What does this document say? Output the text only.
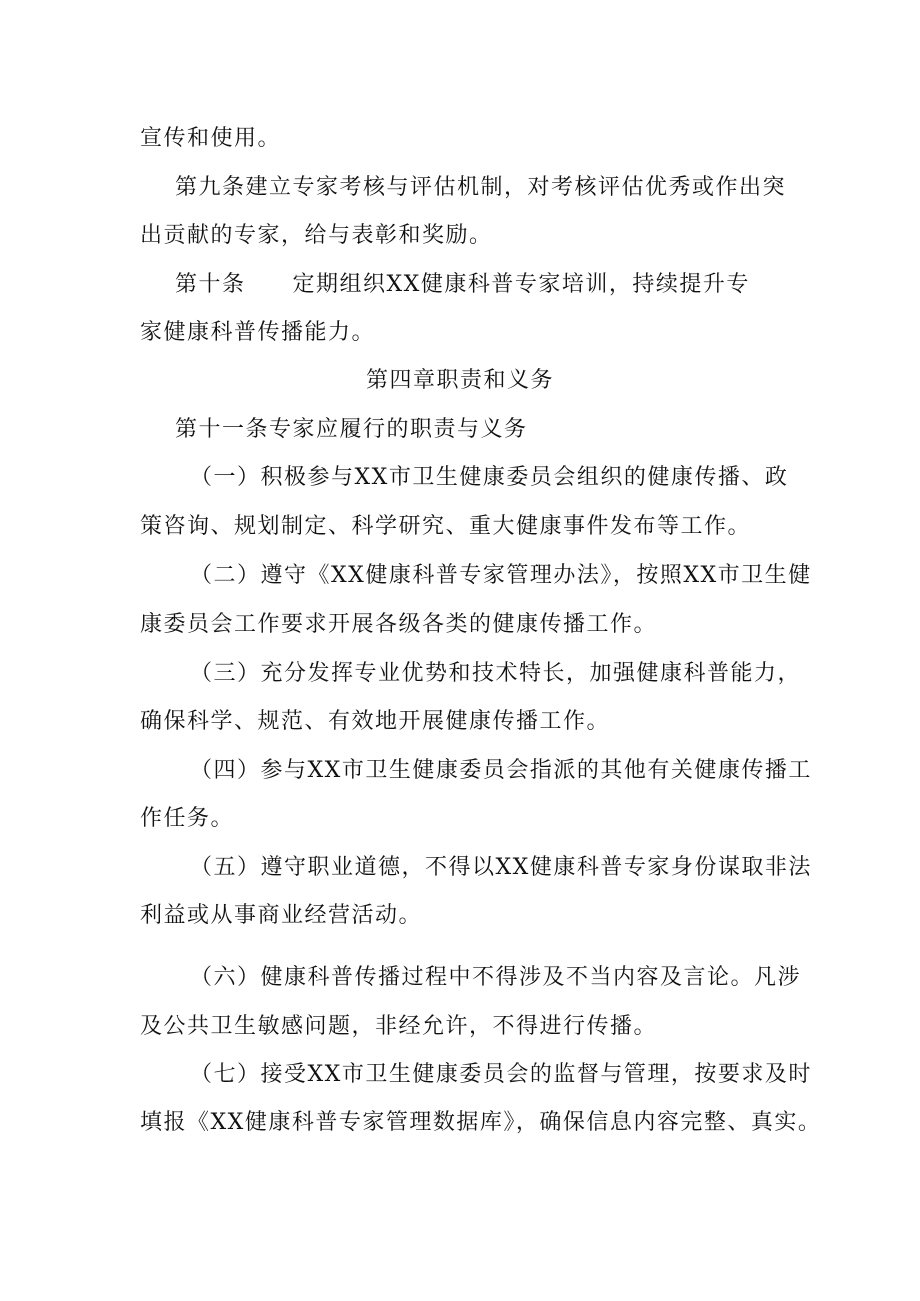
宣传和使用。
第九条建立专家考核与评估机制，对考核评估优秀或作出突
出贡献的专家，给与表彰和奖励。
第十条　　定期组织XX健康科普专家培训，持续提升专
家健康科普传播能力。
第四章职责和义务
第十一条专家应履行的职责与义务
（一）积极参与XX市卫生健康委员会组织的健康传播、政
策咨询、规划制定、科学研究、重大健康事件发布等工作。
（二）遵守《XX健康科普专家管理办法》，按照XX市卫生健
康委员会工作要求开展各级各类的健康传播工作。
（三）充分发挥专业优势和技术特长，加强健康科普能力，
确保科学、规范、有效地开展健康传播工作。
（四）参与XX市卫生健康委员会指派的其他有关健康传播工
作任务。
（五）遵守职业道德，不得以XX健康科普专家身份谋取非法
利益或从事商业经营活动。
（六）健康科普传播过程中不得涉及不当内容及言论。凡涉
及公共卫生敏感问题，非经允许，不得进行传播。
（七）接受XX市卫生健康委员会的监督与管理，按要求及时
填报《XX健康科普专家管理数据库》，确保信息内容完整、真实。
